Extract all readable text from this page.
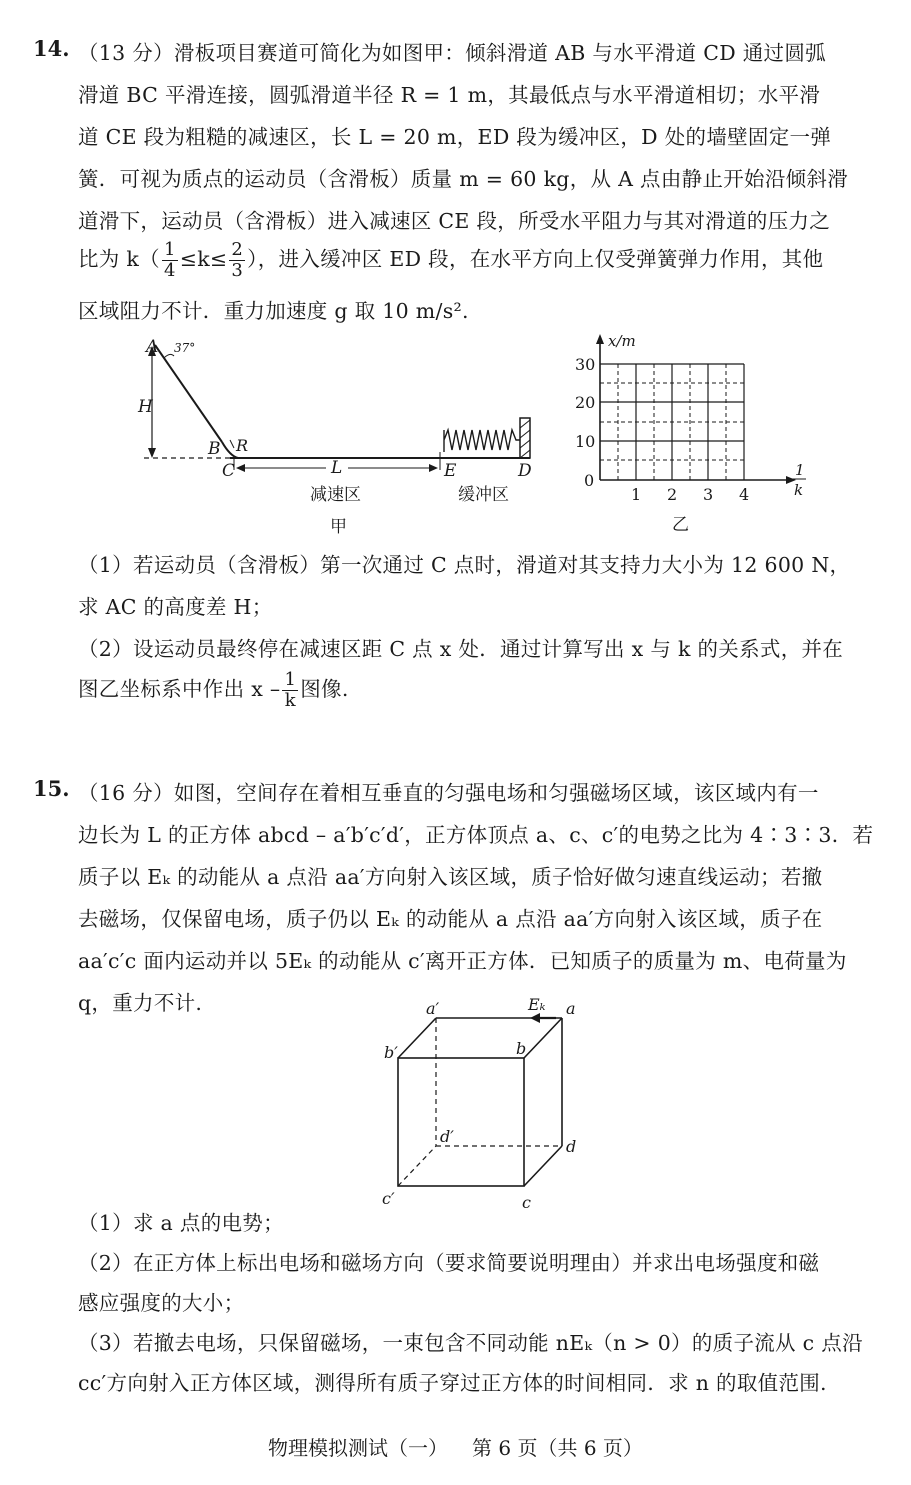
14. （13 分）滑板项目赛道可简化为如图甲：倾斜滑道 AB 与水平滑道 CD 通过圆弧
滑道 BC 平滑连接，圆弧滑道半径 R = 1 m，其最低点与水平滑道相切；水平滑
道 CE 段为粗糙的减速区，长 L = 20 m，ED 段为缓冲区，D 处的墙壁固定一弹
簧．可视为质点的运动员（含滑板）质量 m = 60 kg，从 A 点由静止开始沿倾斜滑
道滑下，运动员（含滑板）进入减速区 CE 段，所受水平阻力与其对滑道的压力之
比为 $k( \frac{1}{4} \le k\le \frac{2}{3}$ ），进入缓冲区 ED 段，在水平方向上仅受弹簧弹力作用，其他
区域阻力不计．重力加速度 g 取 10 m/s².
H
A 37°
B R
C	L	E	D
减速区	缓冲区
甲
x/m
30
20
10
0
1 2 3 4
1
k
乙
（1）若运动员（含滑板）第一次通过 C 点时，滑道对其支持力大小为 12 600 N，
求 AC 的高度差 H；
（2）设运动员最终停在减速区距 C 点 x 处．通过计算写出 x 与 k 的关系式，并在
图乙坐标系中作出 x – $\frac{1}{k}$ 图像.
15. （16 分）如图，空间存在着相互垂直的匀强电场和匀强磁场区域，该区域内有一
边长为 L 的正方体 abcd – a′b′c′d′，正方体顶点 a、c、c′的电势之比为 4∶3∶3．若
质子以 Eₖ 的动能从 a 点沿 aa′方向射入该区域，质子恰好做匀速直线运动；若撤
去磁场，仅保留电场，质子仍以 Eₖ 的动能从 a 点沿 aa′方向射入该区域，质子在
aa′c′c 面内运动并以 5Eₖ 的动能从 c′离开正方体．已知质子的质量为 m、电荷量为
q，重力不计.	Eₖ a
a′
b
b′
d
d′
c
c′
（1）求 a 点的电势；
（2）在正方体上标出电场和磁场方向（要求简要说明理由）并求出电场强度和磁
感应强度的大小；
（3）若撤去电场，只保留磁场，一束包含不同动能 nEₖ（n > 0）的质子流从 c 点沿
cc′方向射入正方体区域，测得所有质子穿过正方体的时间相同．求 n 的取值范围.
物理模拟测试（一） 第 6 页（共 6 页）
